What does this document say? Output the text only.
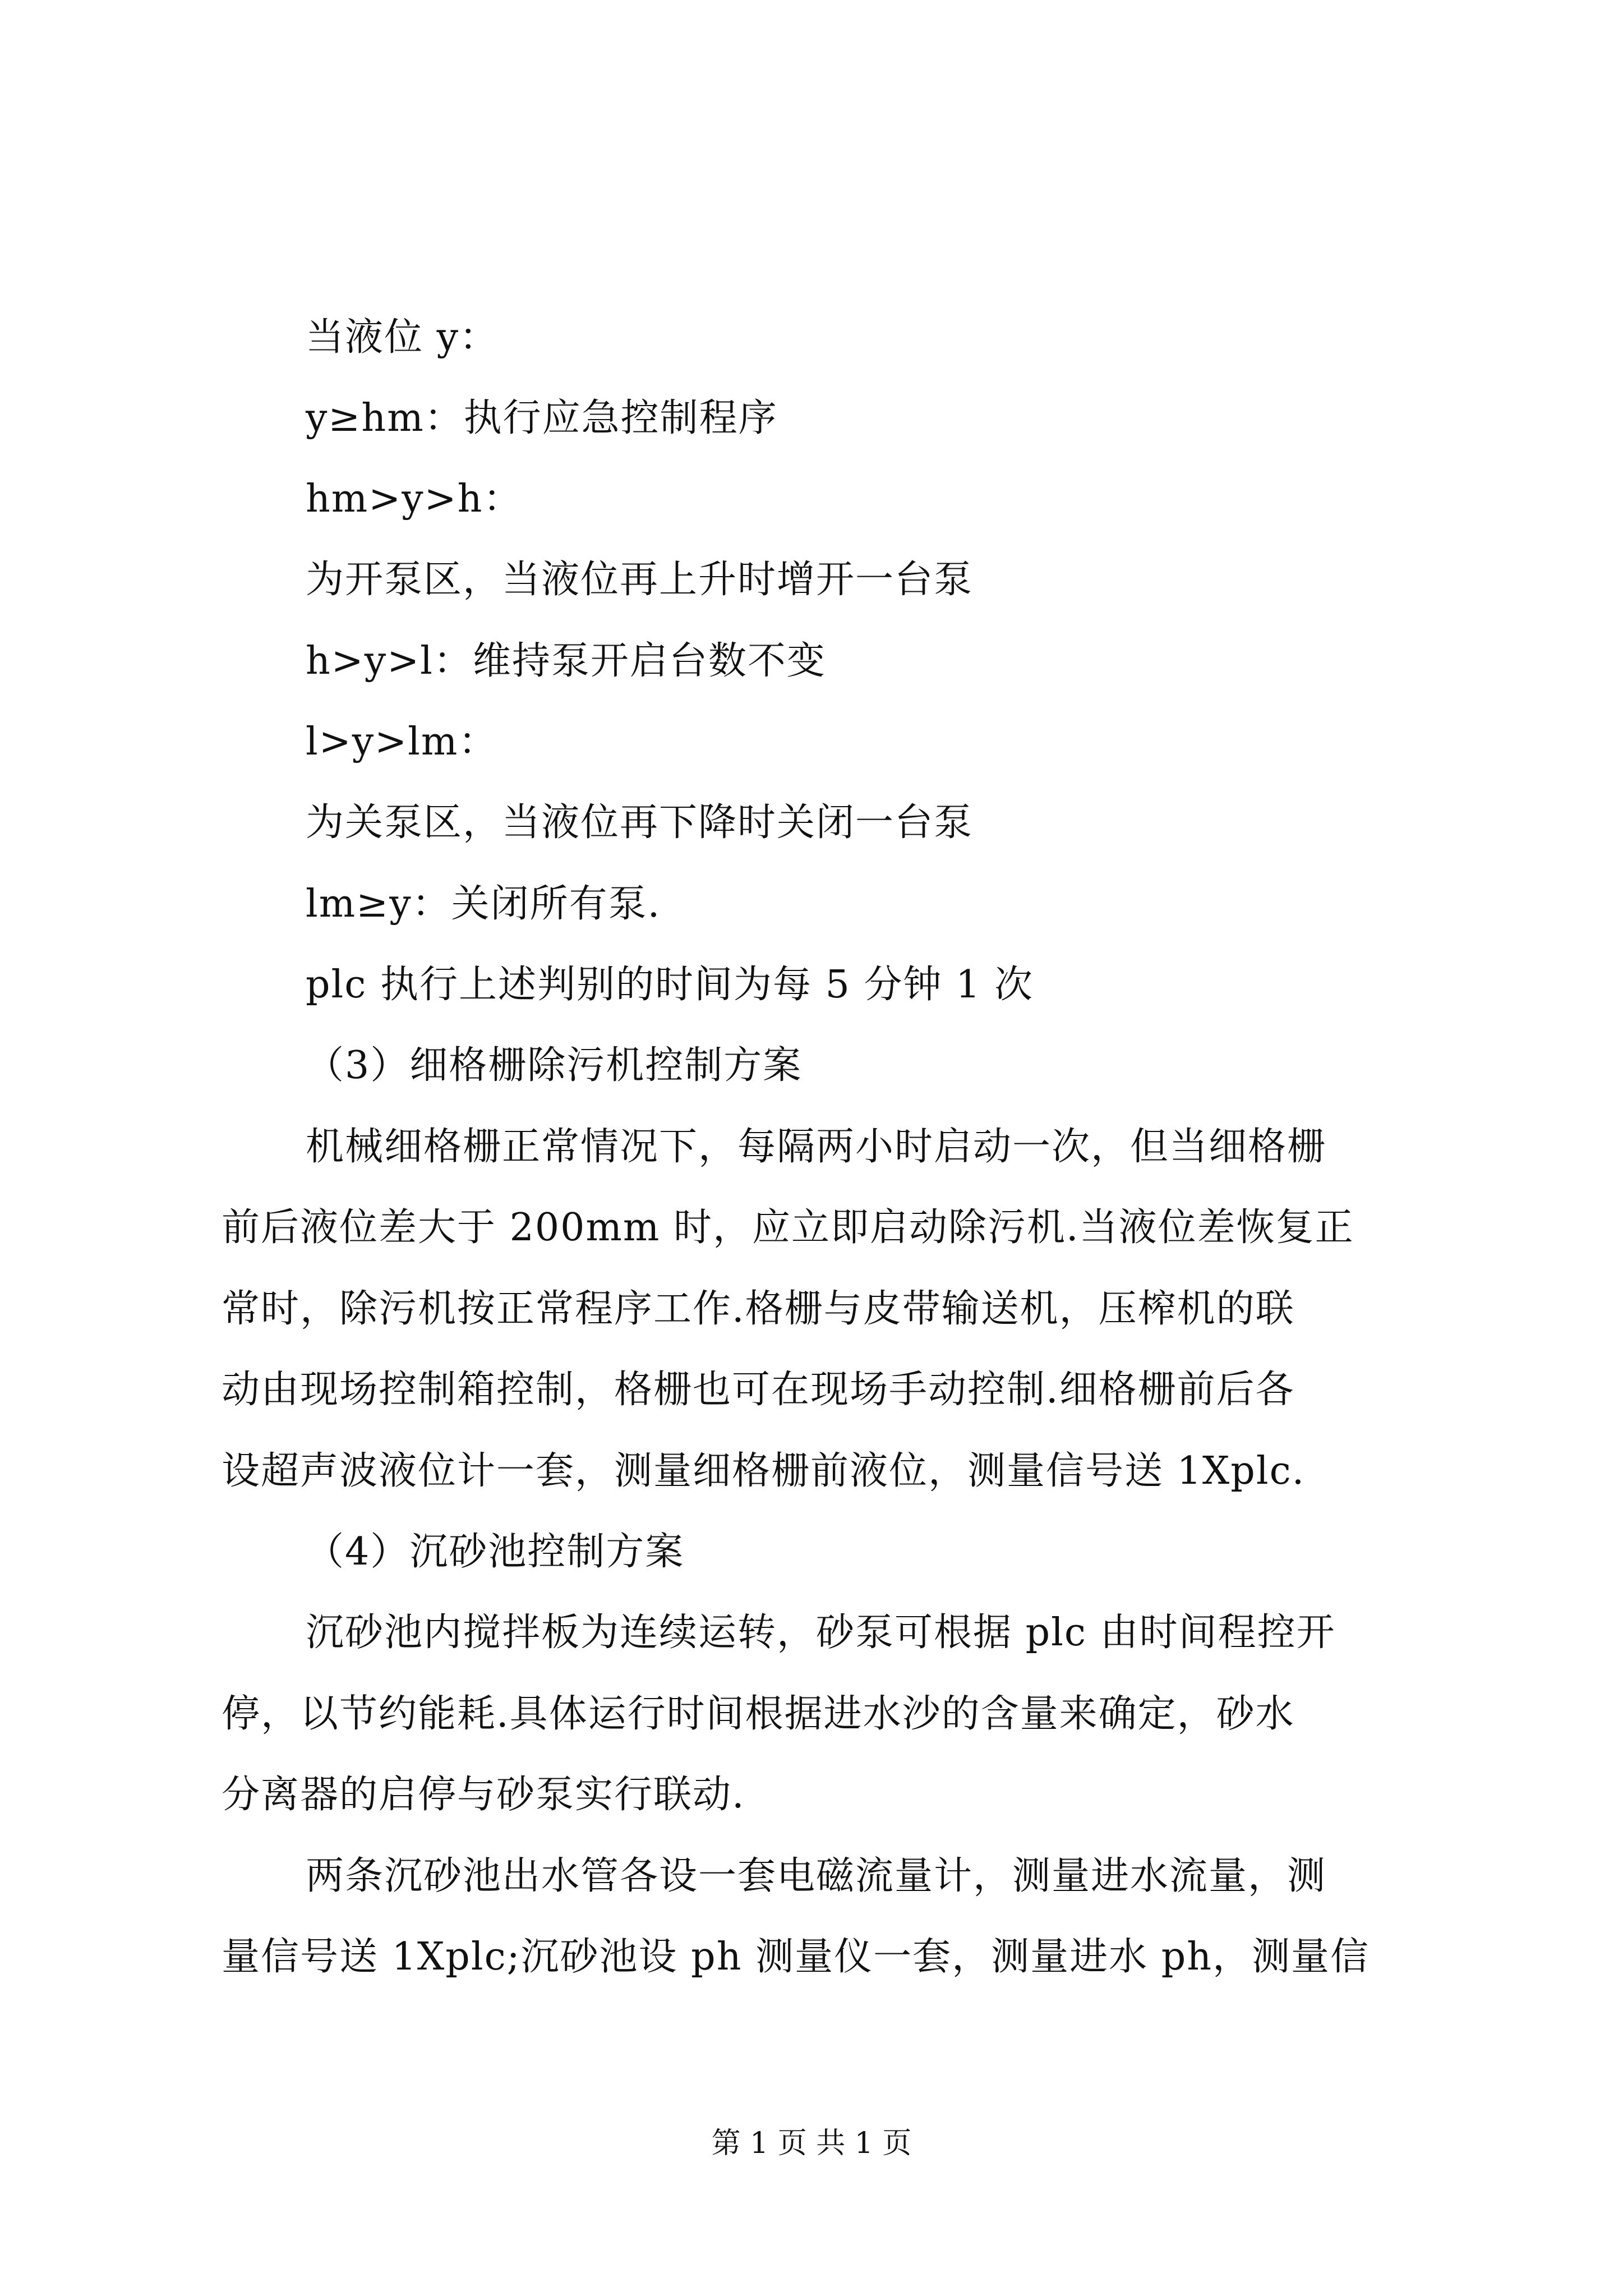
当液位 y：
y≥hm：执行应急控制程序
hm>y>h：
为开泵区，当液位再上升时增开一台泵
h>y>l：维持泵开启台数不变
l>y>lm：
为关泵区，当液位再下降时关闭一台泵
lm≥y：关闭所有泵.
plc 执行上述判别的时间为每 5 分钟 1 次
（3）细格栅除污机控制方案
机械细格栅正常情况下，每隔两小时启动一次，但当细格栅
前后液位差大于 200mm 时，应立即启动除污机.当液位差恢复正
常时，除污机按正常程序工作.格栅与皮带输送机，压榨机的联
动由现场控制箱控制，格栅也可在现场手动控制.细格栅前后各
设超声波液位计一套，测量细格栅前液位，测量信号送 1Xplc.
（4）沉砂池控制方案
沉砂池内搅拌板为连续运转，砂泵可根据 plc 由时间程控开
停，以节约能耗.具体运行时间根据进水沙的含量来确定，砂水
分离器的启停与砂泵实行联动.
两条沉砂池出水管各设一套电磁流量计，测量进水流量，测
量信号送 1Xplc;沉砂池设 ph 测量仪一套，测量进水 ph，测量信
第 1 页 共 1 页
